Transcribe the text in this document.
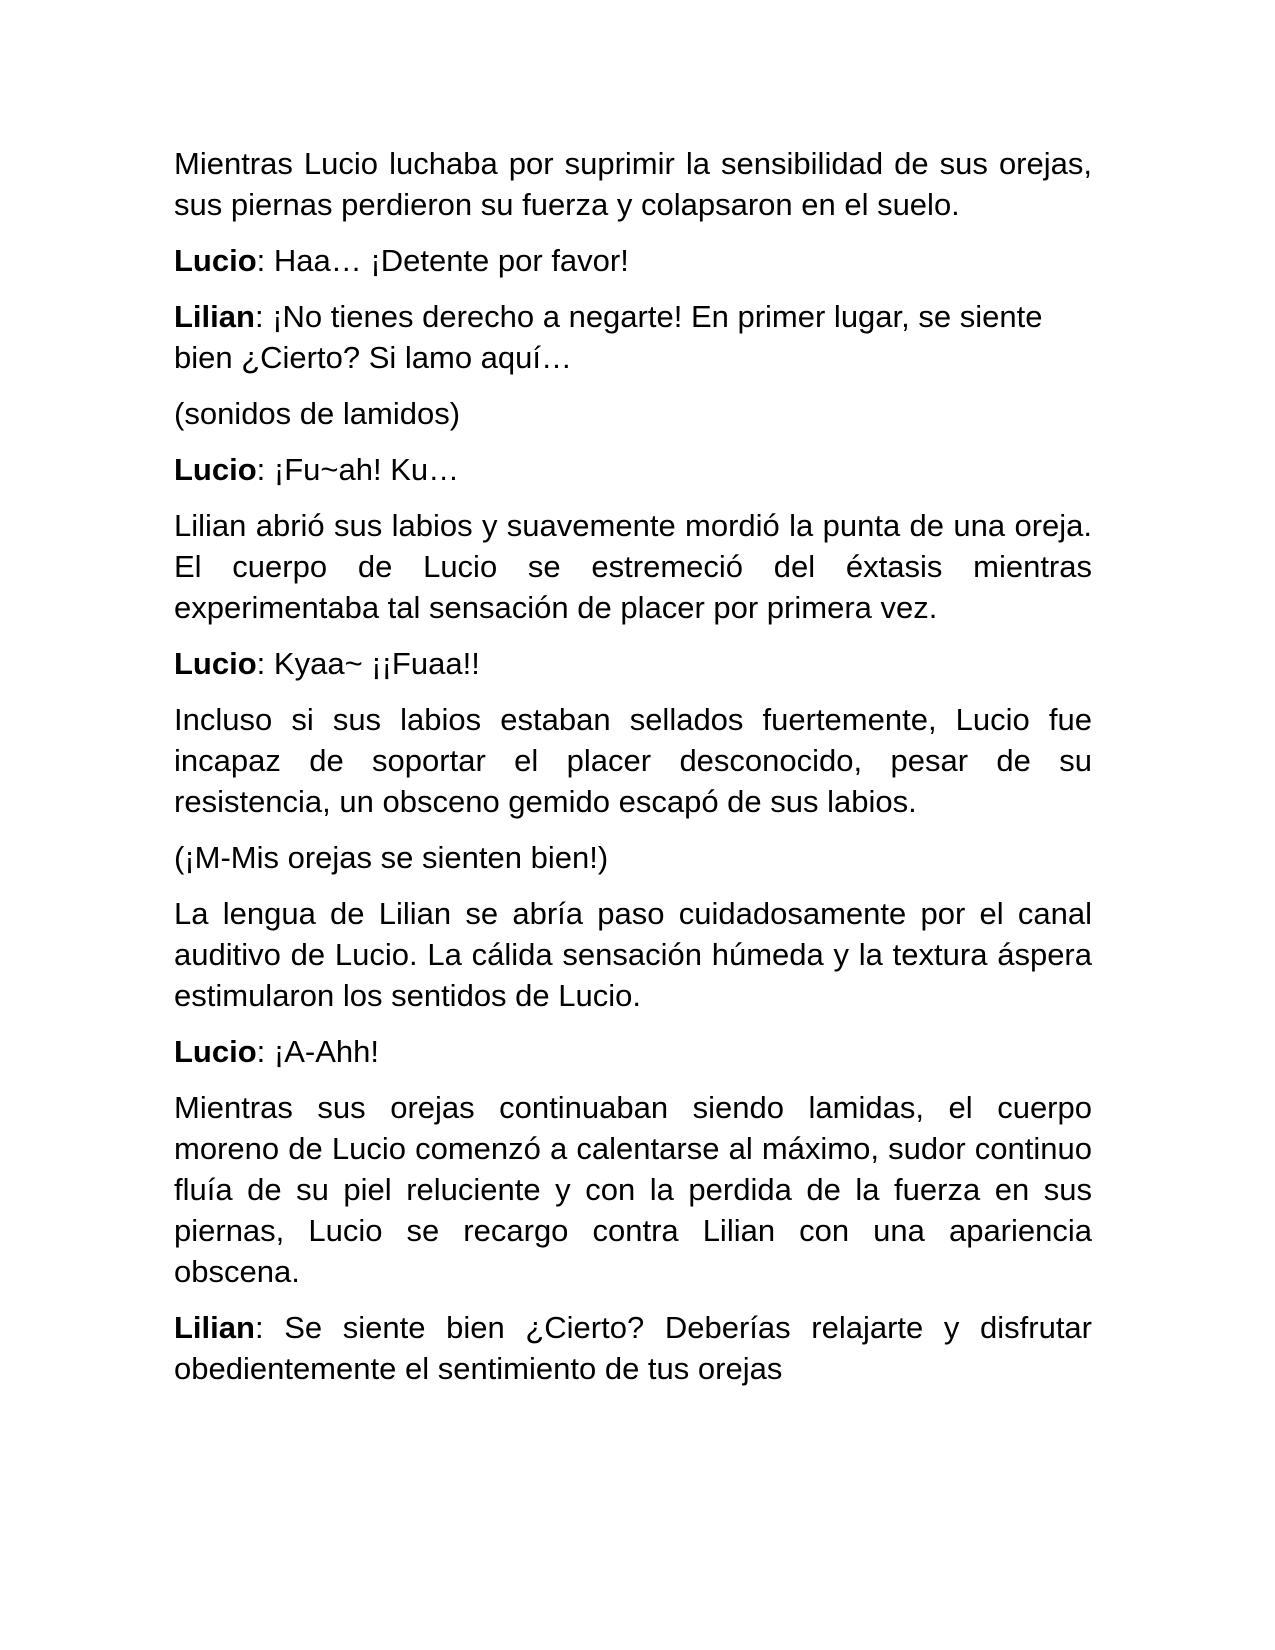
Mientras Lucio luchaba por suprimir la sensibilidad de sus orejas, sus piernas perdieron su fuerza y colapsaron en el suelo.

Lucio: Haa… ¡Detente por favor!

Lilian: ¡No tienes derecho a negarte! En primer lugar, se siente bien ¿Cierto? Si lamo aquí…

(sonidos de lamidos)

Lucio: ¡Fu~ah! Ku…

Lilian abrió sus labios y suavemente mordió la punta de una oreja. El cuerpo de Lucio se estremeció del éxtasis mientras experimentaba tal sensación de placer por primera vez.

Lucio: Kyaa~ ¡¡Fuaa!!

Incluso si sus labios estaban sellados fuertemente, Lucio fue incapaz de soportar el placer desconocido, pesar de su resistencia, un obsceno gemido escapó de sus labios.

(¡M-Mis orejas se sienten bien!)

La lengua de Lilian se abría paso cuidadosamente por el canal auditivo de Lucio. La cálida sensación húmeda y la textura áspera estimularon los sentidos de Lucio.

Lucio: ¡A-Ahh!

Mientras sus orejas continuaban siendo lamidas, el cuerpo moreno de Lucio comenzó a calentarse al máximo, sudor continuo fluía de su piel reluciente y con la perdida de la fuerza en sus piernas, Lucio se recargo contra Lilian con una apariencia obscena.

Lilian: Se siente bien ¿Cierto? Deberías relajarte y disfrutar obedientemente el sentimiento de tus orejas
